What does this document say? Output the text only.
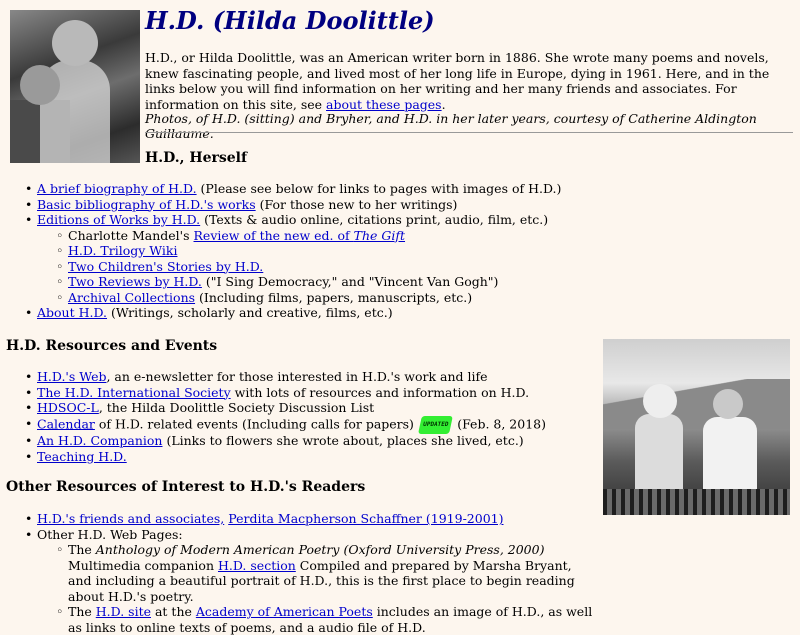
H.D. (Hilda Doolittle)

H.D., or Hilda Doolittle, was an American writer born in 1886. She wrote many poems and novels, knew fascinating people, and lived most of her long life in Europe, dying in 1961. Here, and in the links below you will find information on her writing and her many friends and associates. For information on this site, see about these pages.

Photos, of H.D. (sitting) and Bryher, and H.D. in her later years, courtesy of Catherine Aldington Guillaume.

H.D., Herself
• A brief biography of H.D. (Please see below for links to pages with images of H.D.)
• Basic bibliography of H.D.'s works (For those new to her writings)
• Editions of Works by H.D. (Texts & audio online, citations print, audio, film, etc.)
◦ Charlotte Mandel's Review of the new ed. of The Gift
◦ H.D. Trilogy Wiki
◦ Two Children's Stories by H.D.
◦ Two Reviews by H.D. ("I Sing Democracy," and "Vincent Van Gogh")
◦ Archival Collections (Including films, papers, manuscripts, etc.)
• About H.D. (Writings, scholarly and creative, films, etc.)
H.D. Resources and Events
• H.D.'s Web, an e-newsletter for those interested in H.D.'s work and life
• The H.D. International Society with lots of resources and information on H.D.
• HDSOC-L, the Hilda Doolittle Society Discussion List
• Calendar of H.D. related events (Including calls for papers) UPDATED (Feb. 8, 2018)
• An H.D. Companion (Links to flowers she wrote about, places she lived, etc.)
• Teaching H.D.
Other Resources of Interest to H.D.'s Readers
• H.D.'s friends and associates, Perdita Macpherson Schaffner (1919-2001)
• Other H.D. Web Pages:
◦ The Anthology of Modern American Poetry (Oxford University Press, 2000) Multimedia companion H.D. section Compiled and prepared by Marsha Bryant, and including a beautiful portrait of H.D., this is the first place to begin reading about H.D.'s poetry.
◦ The H.D. site at the Academy of American Poets includes an image of H.D., as well as links to online texts of poems, and a audio file of H.D.
